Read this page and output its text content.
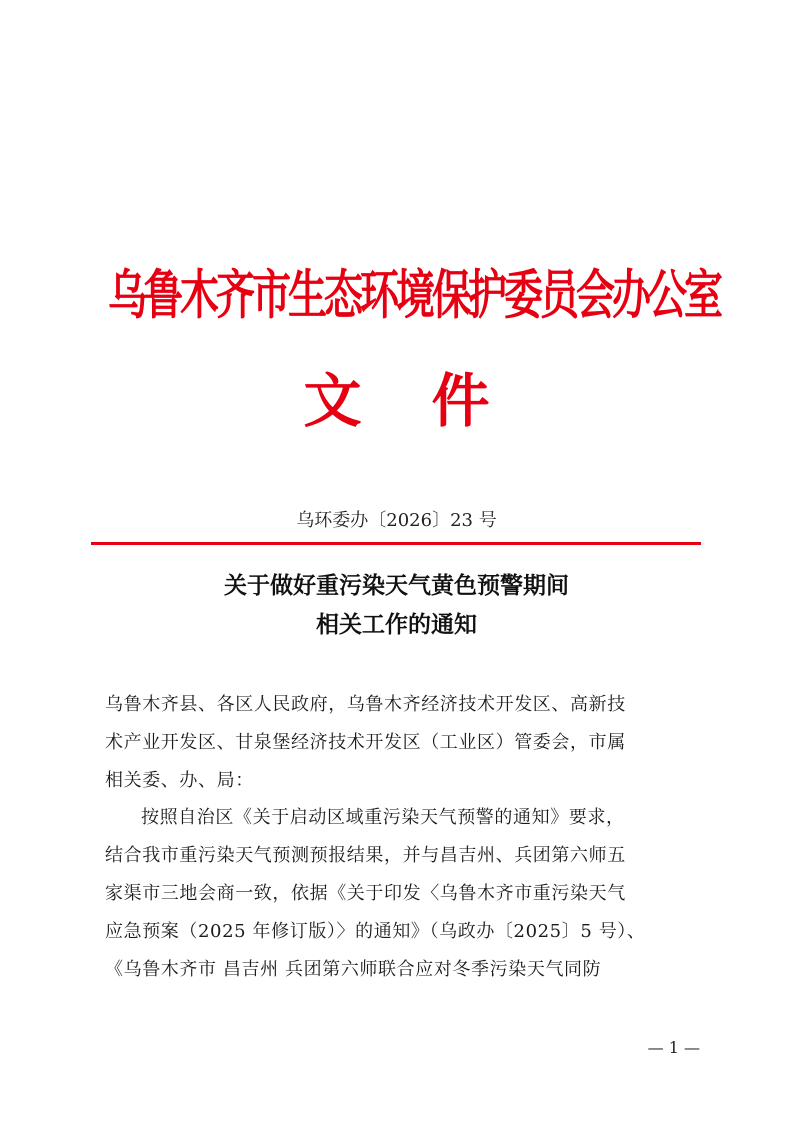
乌鲁木齐市生态环境保护委员会办公室
文 件
乌环委办〔2026〕23 号
关于做好重污染天气黄色预警期间
相关工作的通知

乌鲁木齐县、各区人民政府，乌鲁木齐经济技术开发区、高新技

术产业开发区、甘泉堡经济技术开发区（工业区）管委会，市属

相关委、办、局：

按照自治区《关于启动区域重污染天气预警的通知》要求，

结合我市重污染天气预测预报结果，并与昌吉州、兵团第六师五

家渠市三地会商一致，依据《关于印发〈乌鲁木齐市重污染天气

应急预案（2025 年修订版）〉的通知》（乌政办〔2025〕5 号）、

《乌鲁木齐市 昌吉州 兵团第六师联合应对冬季污染天气同防

— 1 —
